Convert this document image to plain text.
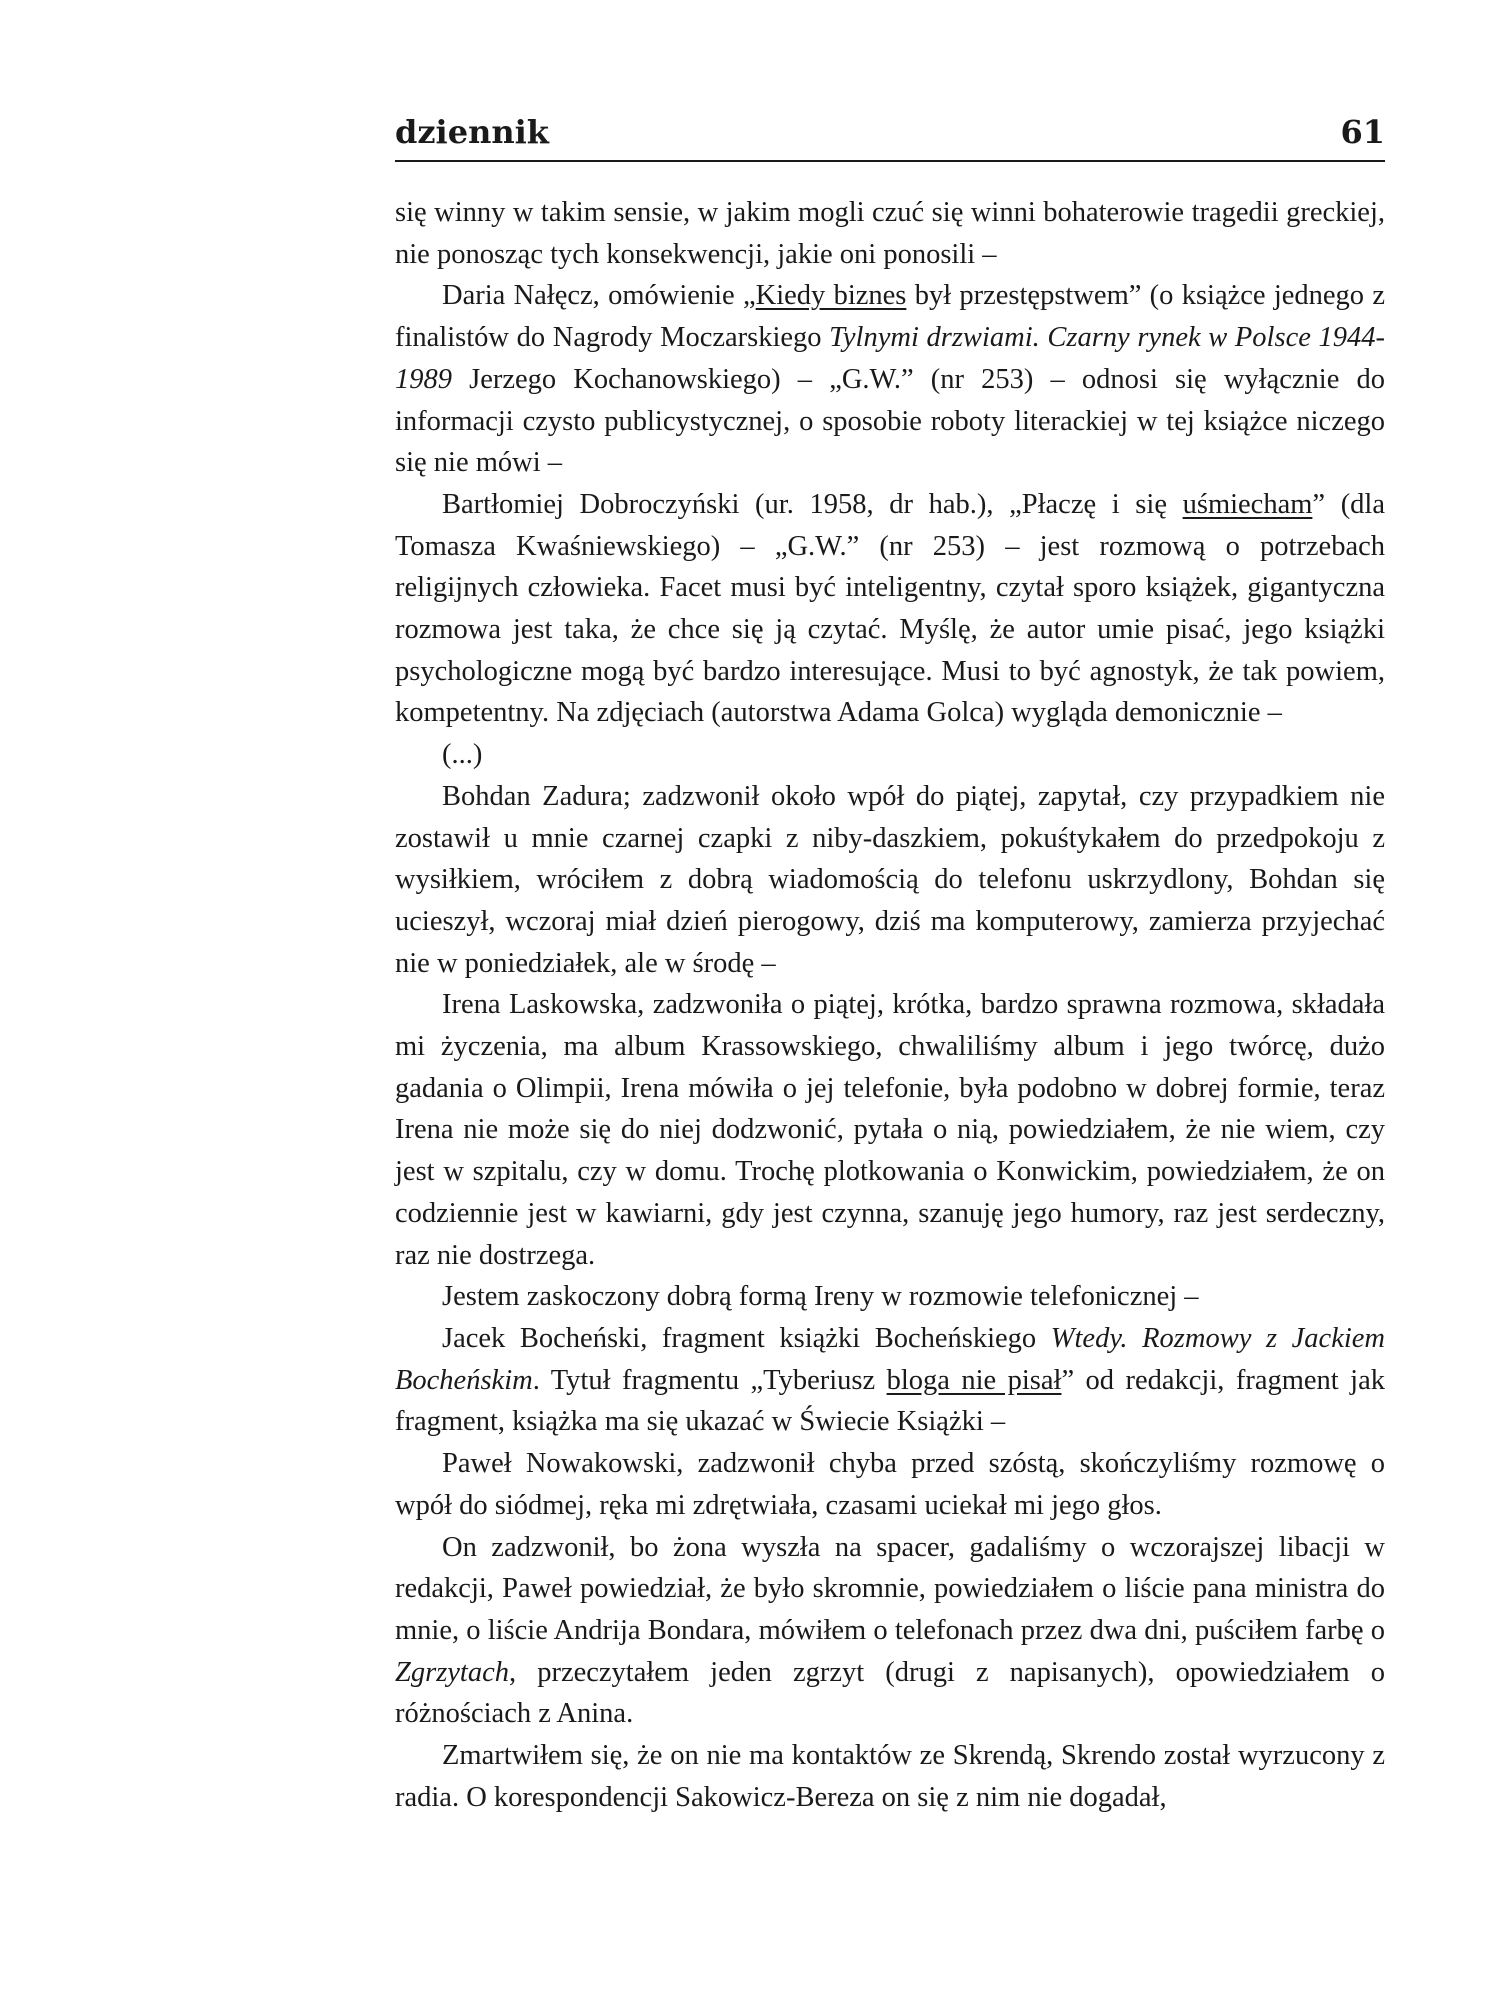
dziennik	61

się winny w takim sensie, w jakim mogli czuć się winni bohaterowie tragedii greckiej, nie ponosząc tych konsekwencji, jakie oni ponosili –

Daria Nałęcz, omówienie „Kiedy biznes był przestępstwem” (o książce jednego z finalistów do Nagrody Moczarskiego Tylnymi drzwiami. Czarny rynek w Polsce 1944-1989 Jerzego Kochanowskiego) – „G.W.” (nr 253) – odnosi się wyłącznie do informacji czysto publicystycznej, o sposobie roboty literackiej w tej książce niczego się nie mówi –

Bartłomiej Dobroczyński (ur. 1958, dr hab.), „Płaczę i się uśmiecham” (dla Tomasza Kwaśniewskiego) – „G.W.” (nr 253) – jest rozmową o potrzebach religijnych człowieka. Facet musi być inteligentny, czytał sporo książek, gigantyczna rozmowa jest taka, że chce się ją czytać. Myślę, że autor umie pisać, jego książki psychologiczne mogą być bardzo interesujące. Musi to być agnostyk, że tak powiem, kompetentny. Na zdjęciach (autorstwa Adama Golca) wygląda demonicznie –

(...)

Bohdan Zadura; zadzwonił około wpół do piątej, zapytał, czy przypadkiem nie zostawił u mnie czarnej czapki z niby-daszkiem, pokuśtykałem do przedpokoju z wysiłkiem, wróciłem z dobrą wiadomością do telefonu uskrzydlony, Bohdan się ucieszył, wczoraj miał dzień pierogowy, dziś ma komputerowy, zamierza przyjechać nie w poniedziałek, ale w środę –

Irena Laskowska, zadzwoniła o piątej, krótka, bardzo sprawna rozmowa, składała mi życzenia, ma album Krassowskiego, chwaliliśmy album i jego twórcę, dużo gadania o Olimpii, Irena mówiła o jej telefonie, była podobno w dobrej formie, teraz Irena nie może się do niej dodzwonić, pytała o nią, powiedziałem, że nie wiem, czy jest w szpitalu, czy w domu. Trochę plotkowania o Konwickim, powiedziałem, że on codziennie jest w kawiarni, gdy jest czynna, szanuję jego humory, raz jest serdeczny, raz nie dostrzega.

Jestem zaskoczony dobrą formą Ireny w rozmowie telefonicznej –

Jacek Bocheński, fragment książki Bocheńskiego Wtedy. Rozmowy z Jackiem Bocheńskim. Tytuł fragmentu „Tyberiusz bloga nie pisał” od redakcji, fragment jak fragment, książka ma się ukazać w Świecie Książki –

Paweł Nowakowski, zadzwonił chyba przed szóstą, skończyliśmy rozmowę o wpół do siódmej, ręka mi zdrętwiała, czasami uciekał mi jego głos.

On zadzwonił, bo żona wyszła na spacer, gadaliśmy o wczorajszej libacji w redakcji, Paweł powiedział, że było skromnie, powiedziałem o liście pana ministra do mnie, o liście Andrija Bondara, mówiłem o telefonach przez dwa dni, puściłem farbę o Zgrzytach, przeczytałem jeden zgrzyt (drugi z napisanych), opowiedziałem o różnościach z Anina.

Zmartwiłem się, że on nie ma kontaktów ze Skrendą, Skrendo został wyrzucony z radia. O korespondencji Sakowicz-Bereza on się z nim nie dogadał,
